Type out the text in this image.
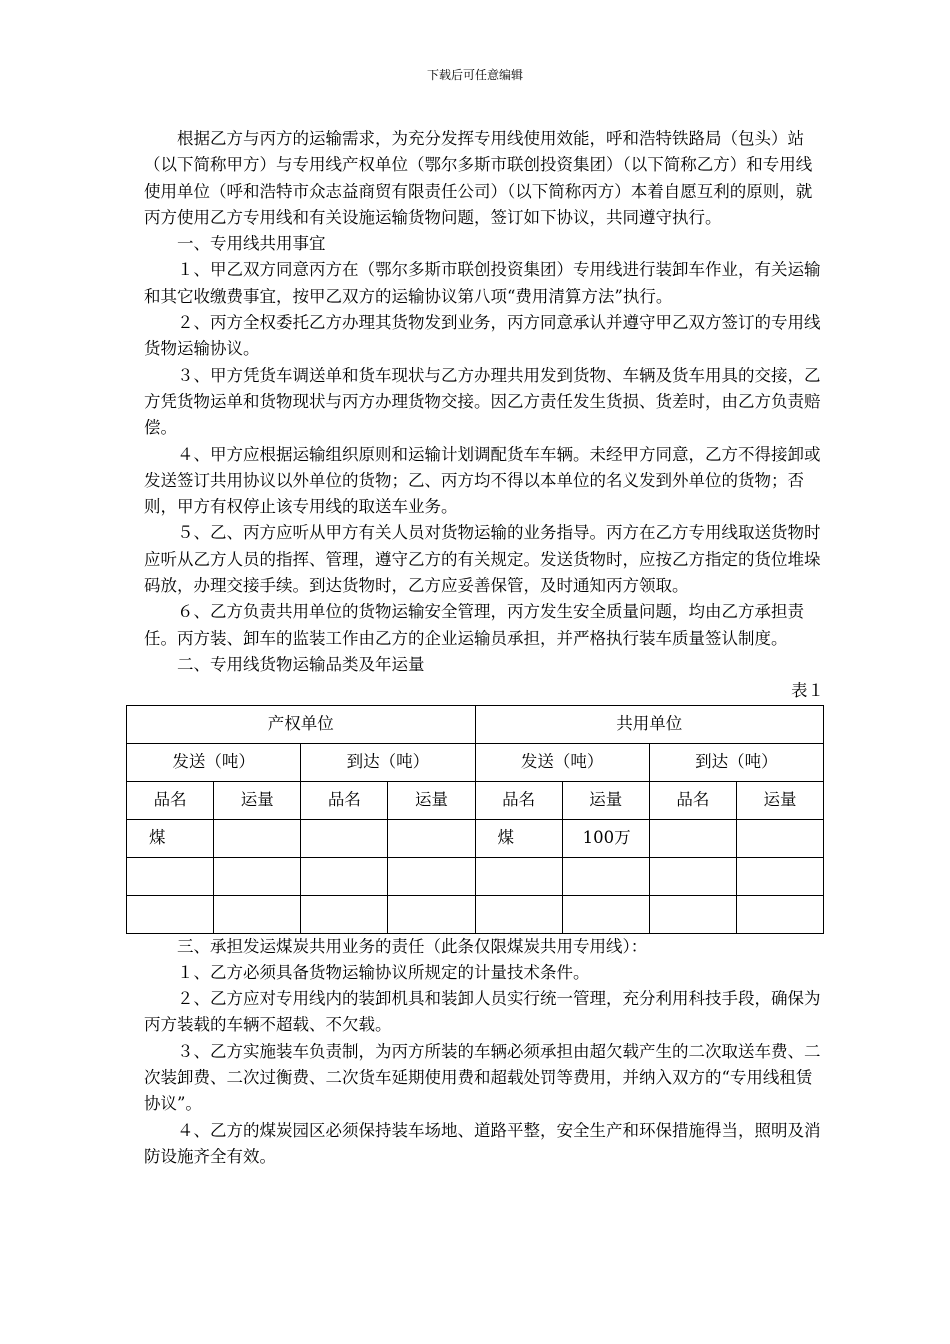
下载后可任意编辑

根据乙方与丙方的运输需求，为充分发挥专用线使用效能，呼和浩特铁路局（包头）站（以下简称甲方）与专用线产权单位（鄂尔多斯市联创投资集团）（以下简称乙方）和专用线使用单位（呼和浩特市众志益商贸有限责任公司）（以下简称丙方）本着自愿互利的原则，就丙方使用乙方专用线和有关设施运输货物问题，签订如下协议，共同遵守执行。

一、专用线共用事宜

１、甲乙双方同意丙方在（鄂尔多斯市联创投资集团）专用线进行装卸车作业，有关运输和其它收缴费事宜，按甲乙双方的运输协议第八项“费用清算方法”执行。

２、丙方全权委托乙方办理其货物发到业务，丙方同意承认并遵守甲乙双方签订的专用线货物运输协议。

３、甲方凭货车调送单和货车现状与乙方办理共用发到货物、车辆及货车用具的交接，乙方凭货物运单和货物现状与丙方办理货物交接。因乙方责任发生货损、货差时，由乙方负责赔偿。

４、甲方应根据运输组织原则和运输计划调配货车车辆。未经甲方同意，乙方不得接卸或发送签订共用协议以外单位的货物；乙、丙方均不得以本单位的名义发到外单位的货物；否则，甲方有权停止该专用线的取送车业务。

５、乙、丙方应听从甲方有关人员对货物运输的业务指导。丙方在乙方专用线取送货物时应听从乙方人员的指挥、管理，遵守乙方的有关规定。发送货物时，应按乙方指定的货位堆垛码放，办理交接手续。到达货物时，乙方应妥善保管，及时通知丙方领取。

６、乙方负责共用单位的货物运输安全管理，丙方发生安全质量问题，均由乙方承担责任。丙方装、卸车的监装工作由乙方的企业运输员承担，并严格执行装车质量签认制度。

二、专用线货物运输品类及年运量

表１

产权单位				共用单位			
发送（吨）		到达（吨）		发送（吨）		到达（吨）	
品名	运量	品名	运量	品名	运量	品名	运量
煤				煤	100万		

三、承担发运煤炭共用业务的责任（此条仅限煤炭共用专用线）：

１、乙方必须具备货物运输协议所规定的计量技术条件。

２、乙方应对专用线内的装卸机具和装卸人员实行统一管理，充分利用科技手段，确保为丙方装载的车辆不超载、不欠载。

３、乙方实施装车负责制，为丙方所装的车辆必须承担由超欠载产生的二次取送车费、二次装卸费、二次过衡费、二次货车延期使用费和超载处罚等费用，并纳入双方的“专用线租赁协议”。

４、乙方的煤炭园区必须保持装车场地、道路平整，安全生产和环保措施得当，照明及消防设施齐全有效。
